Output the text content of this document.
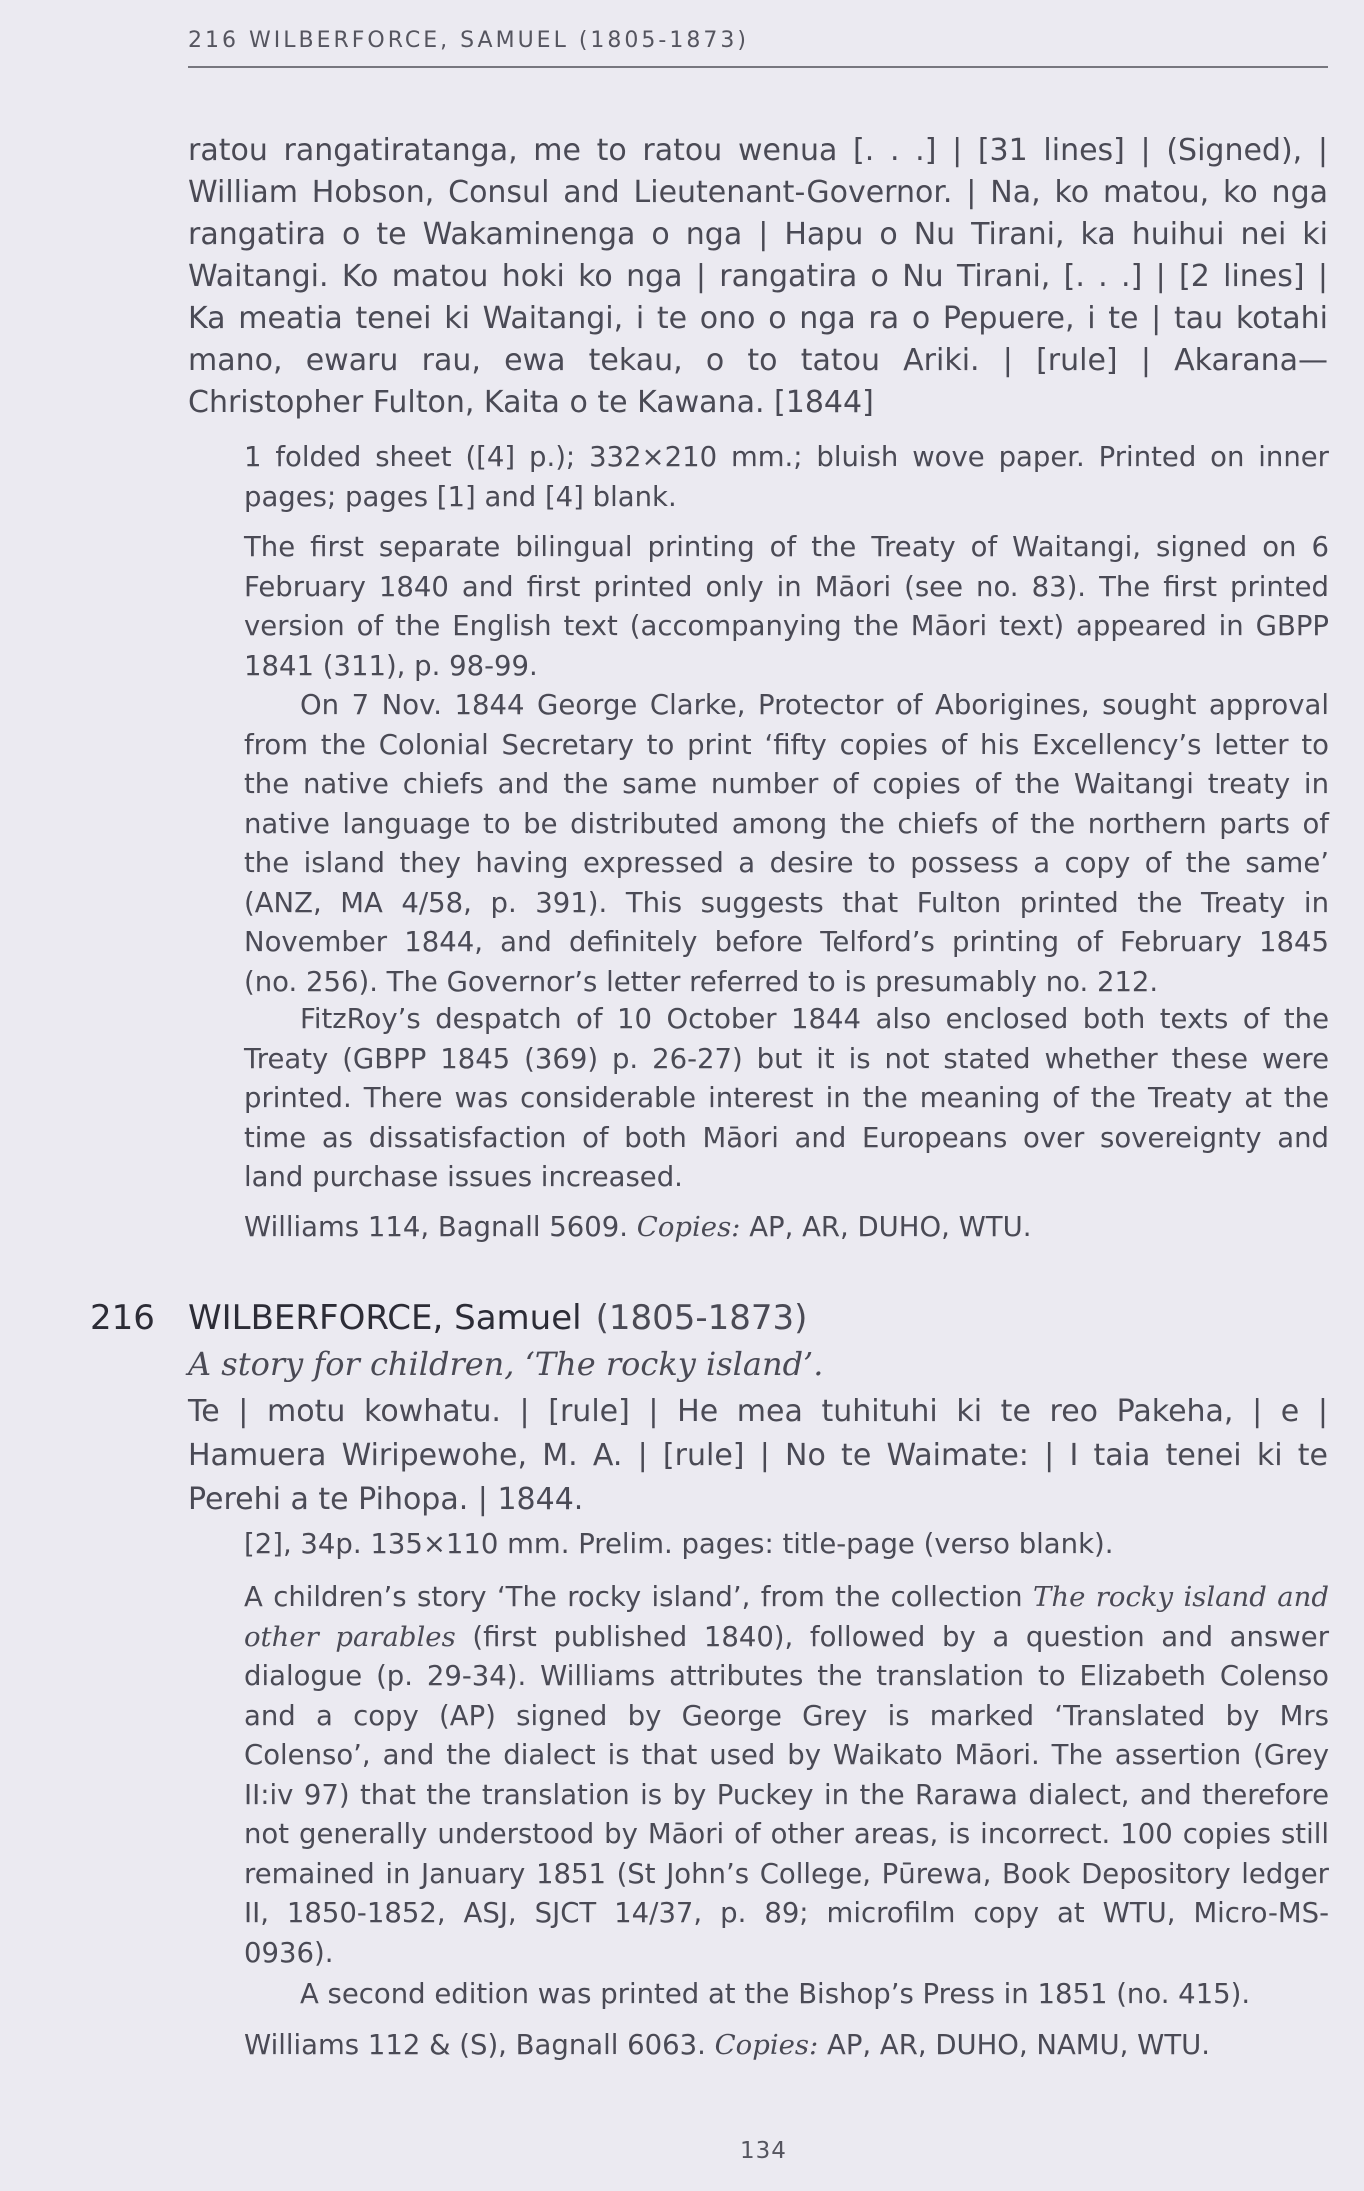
216 WILBERFORCE, SAMUEL (1805-1873)
ratou rangatiratanga, me to ratou wenua [. . .] | [31 lines] | (Signed), |
William Hobson, Consul and Lieutenant-Governor. | Na, ko matou, ko nga
rangatira o te Wakaminenga o nga | Hapu o Nu Tirani, ka huihui nei ki
Waitangi. Ko matou hoki ko nga | rangatira o Nu Tirani, [. . .] | [2 lines] |
Ka meatia tenei ki Waitangi, i te ono o nga ra o Pepuere, i te | tau kotahi
mano, ewaru rau, ewa tekau, o to tatou Ariki. | [rule] | Akarana—
Christopher Fulton, Kaita o te Kawana. [1844]
1 folded sheet ([4] p.); 332×210 mm.; bluish wove paper. Printed on inner
pages; pages [1] and [4] blank.
The first separate bilingual printing of the Treaty of Waitangi, signed on 6
February 1840 and first printed only in Māori (see no. 83). The first printed
version of the English text (accompanying the Māori text) appeared in GBPP
1841 (311), p. 98-99.
On 7 Nov. 1844 George Clarke, Protector of Aborigines, sought approval
from the Colonial Secretary to print ‘fifty copies of his Excellency’s letter to
the native chiefs and the same number of copies of the Waitangi treaty in
native language to be distributed among the chiefs of the northern parts of
the island they having expressed a desire to possess a copy of the same’
(ANZ, MA 4/58, p. 391). This suggests that Fulton printed the Treaty in
November 1844, and definitely before Telford’s printing of February 1845
(no. 256). The Governor’s letter referred to is presumably no. 212.
FitzRoy’s despatch of 10 October 1844 also enclosed both texts of the
Treaty (GBPP 1845 (369) p. 26-27) but it is not stated whether these were
printed. There was considerable interest in the meaning of the Treaty at the
time as dissatisfaction of both Māori and Europeans over sovereignty and
land purchase issues increased.
Williams 114, Bagnall 5609. Copies: AP, AR, DUHO, WTU.
216 WILBERFORCE, Samuel (1805-1873)
A story for children, ‘The rocky island’.
Te | motu kowhatu. | [rule] | He mea tuhituhi ki te reo Pakeha, | e |
Hamuera Wiripewohe, M. A. | [rule] | No te Waimate: | I taia tenei ki te
Perehi a te Pihopa. | 1844.
[2], 34p. 135×110 mm. Prelim. pages: title-page (verso blank).
A children’s story ‘The rocky island’, from the collection The rocky island and
other parables (first published 1840), followed by a question and answer
dialogue (p. 29-34). Williams attributes the translation to Elizabeth Colenso
and a copy (AP) signed by George Grey is marked ‘Translated by Mrs
Colenso’, and the dialect is that used by Waikato Māori. The assertion (Grey
II:iv 97) that the translation is by Puckey in the Rarawa dialect, and therefore
not generally understood by Māori of other areas, is incorrect. 100 copies still
remained in January 1851 (St John’s College, Pūrewa, Book Depository ledger
II, 1850-1852, ASJ, SJCT 14/37, p. 89; microfilm copy at WTU, Micro-MS-
0936).
A second edition was printed at the Bishop’s Press in 1851 (no. 415).
Williams 112 & (S), Bagnall 6063. Copies: AP, AR, DUHO, NAMU, WTU.
134
